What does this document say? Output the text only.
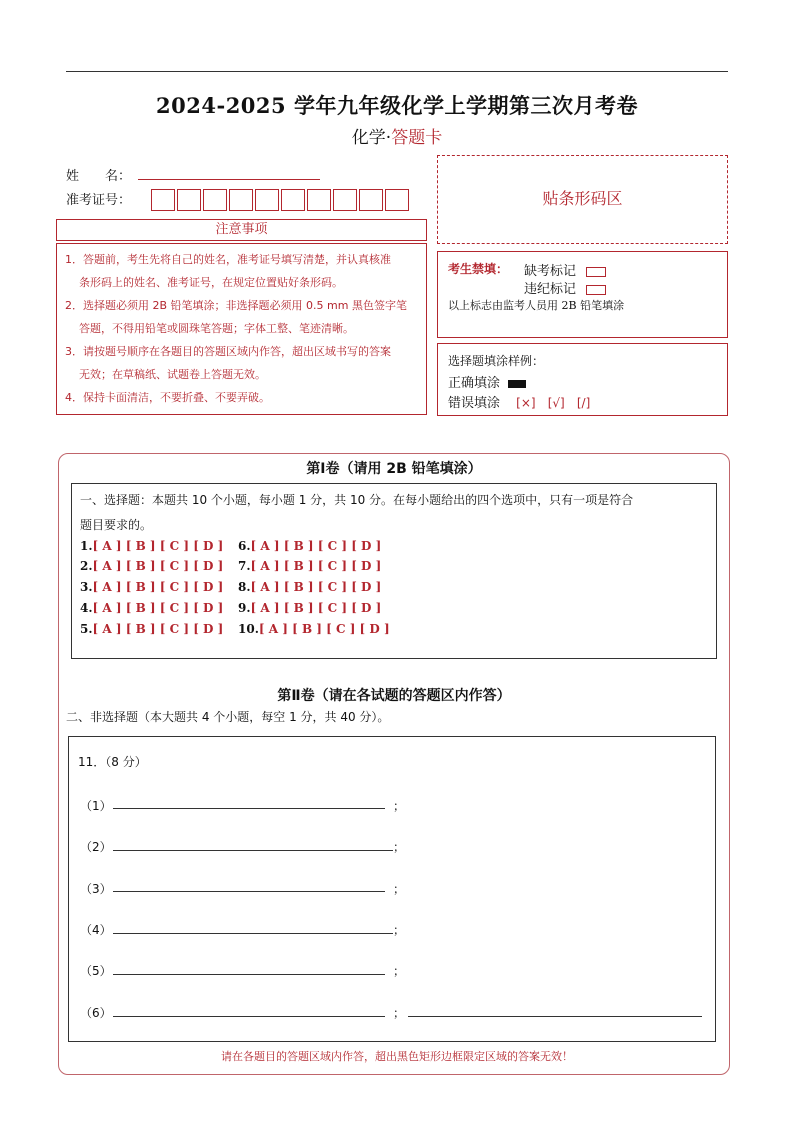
2024-2025 学年九年级化学上学期第三次月考卷
化学·答题卡
姓　　名：
准考证号：
注意事项

1．答题前，考生先将自己的姓名，准考证号填写清楚，并认真核准

条形码上的姓名、准考证号，在规定位置贴好条形码。

2．选择题必须用 2B 铅笔填涂；非选择题必须用 0.5 mm 黑色签字笔

答题，不得用铅笔或圆珠笔答题；字体工整、笔迹清晰。

3．请按题号顺序在各题目的答题区域内作答，超出区域书写的答案

无效；在草稿纸、试题卷上答题无效。

4．保持卡面清洁，不要折叠、不要弄破。

贴条形码区
考生禁填： 缺考标记
违纪标记
以上标志由监考人员用 2B 铅笔填涂
选择题填涂样例：
正确填涂
错误填涂 [×] [√] [/]
第Ⅰ卷（请用 2B 铅笔填涂）
一、选择题：本题共 10 个小题，每小题 1 分，共 10 分。在每小题给出的四个选项中，只有一项是符合
题目要求的。
1.[ A ] [ B ] [ C ] [ D ]
2.[ A ] [ B ] [ C ] [ D ]
3.[ A ] [ B ] [ C ] [ D ]
4.[ A ] [ B ] [ C ] [ D ]
5.[ A ] [ B ] [ C ] [ D ]
6.[ A ] [ B ] [ C ] [ D ]
7.[ A ] [ B ] [ C ] [ D ]
8.[ A ] [ B ] [ C ] [ D ]
9.[ A ] [ B ] [ C ] [ D ]
10.[ A ] [ B ] [ C ] [ D ]
第Ⅱ卷（请在各试题的答题区内作答）
二、非选择题（本大题共 4 个小题，每空 1 分，共 40 分）。
11．（8 分）
（1）	；
（2）	；
（3）	；
（4）	；
（5）	；
（6）	；
请在各题目的答题区域内作答，超出黑色矩形边框限定区域的答案无效！
